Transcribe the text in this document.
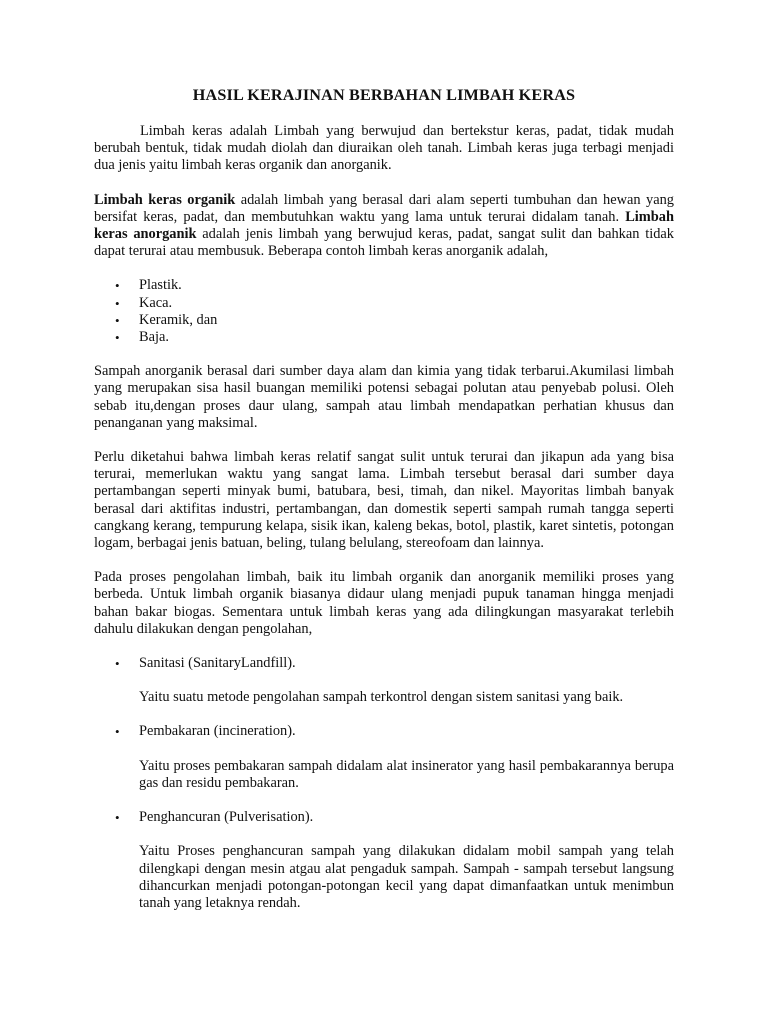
HASIL KERAJINAN BERBAHAN LIMBAH KERAS

Limbah keras adalah Limbah yang berwujud dan bertekstur keras, padat, tidak mudah berubah bentuk, tidak mudah diolah dan diuraikan oleh tanah. Limbah keras juga terbagi menjadi dua jenis yaitu limbah keras organik dan anorganik.

Limbah keras organik adalah limbah yang berasal dari alam seperti tumbuhan dan hewan yang bersifat keras, padat, dan membutuhkan waktu yang lama untuk terurai didalam tanah. Limbah keras anorganik adalah jenis limbah yang berwujud keras, padat, sangat sulit dan bahkan tidak dapat terurai atau membusuk. Beberapa contoh limbah keras anorganik adalah,

• Plastik.
• Kaca.
• Keramik, dan
• Baja.

Sampah anorganik berasal dari sumber daya alam dan kimia yang tidak terbarui.Akumilasi limbah yang merupakan sisa hasil buangan memiliki potensi sebagai polutan atau penyebab polusi. Oleh sebab itu,dengan proses daur ulang, sampah atau limbah mendapatkan perhatian khusus dan penanganan yang maksimal.

Perlu diketahui bahwa limbah keras relatif sangat sulit untuk terurai dan jikapun ada yang bisa terurai, memerlukan waktu yang sangat lama. Limbah tersebut berasal dari sumber daya pertambangan seperti minyak bumi, batubara, besi, timah, dan nikel. Mayoritas limbah banyak berasal dari aktifitas industri, pertambangan, dan domestik seperti sampah rumah tangga seperti cangkang kerang, tempurung kelapa, sisik ikan, kaleng bekas, botol, plastik, karet sintetis, potongan logam, berbagai jenis batuan, beling, tulang belulang, stereofoam dan lainnya.

Pada proses pengolahan limbah, baik itu limbah organik dan anorganik memiliki proses yang berbeda. Untuk limbah organik biasanya didaur ulang menjadi pupuk tanaman hingga menjadi bahan bakar biogas. Sementara untuk limbah keras yang ada dilingkungan masyarakat terlebih dahulu dilakukan dengan pengolahan,

• Sanitasi (SanitaryLandfill).

Yaitu suatu metode pengolahan sampah terkontrol dengan sistem sanitasi yang baik.

• Pembakaran (incineration).

Yaitu proses pembakaran sampah didalam alat insinerator yang hasil pembakarannya berupa gas dan residu pembakaran.

• Penghancuran (Pulverisation).

Yaitu Proses penghancuran sampah yang dilakukan didalam mobil sampah yang telah dilengkapi dengan mesin atgau alat pengaduk sampah. Sampah - sampah tersebut langsung dihancurkan menjadi potongan-potongan kecil yang dapat dimanfaatkan untuk menimbun tanah yang letaknya rendah.
